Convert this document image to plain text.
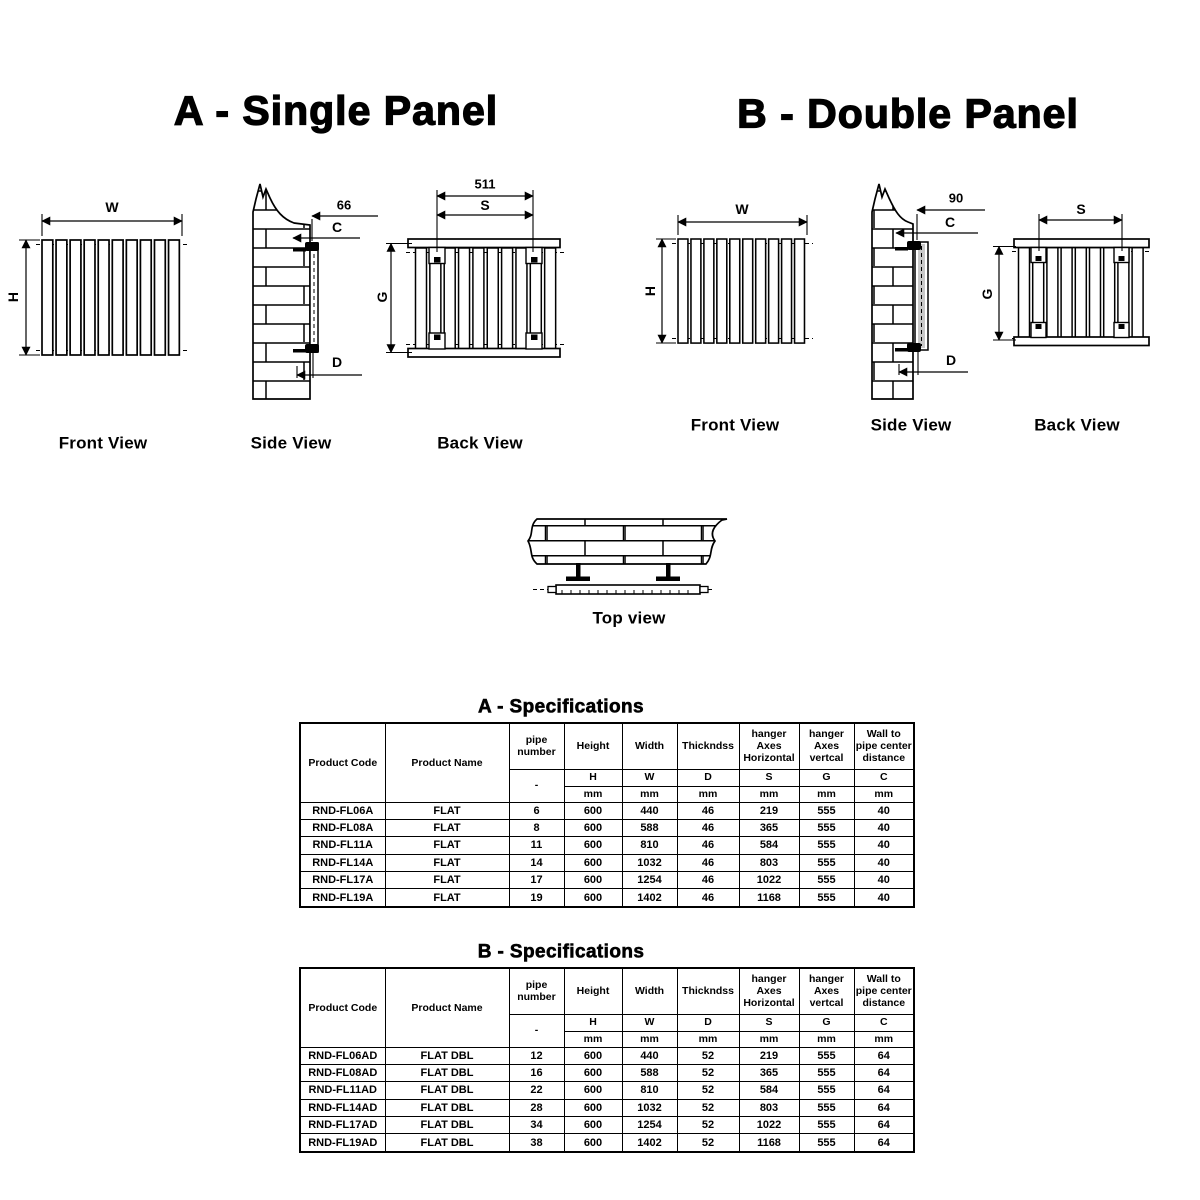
A - Single Panel	B - Double Panel
Front View	Side View	Back View
Front View	Side View	Back View
Top view
W
H
66
C
D
511
S
G
W
H
90
C
D
S
G
A - Specifications
Product Code	Product Name	pipe number	Height	Width	Thickndss	hanger Axes Horizontal	hanger Axes vertcal	Wall to pipe center distance
		-	H	W	D	S	G	C
			mm	mm	mm	mm	mm	mm
RND-FL06A	FLAT	6	600	440	46	219	555	40
RND-FL08A	FLAT	8	600	588	46	365	555	40
RND-FL11A	FLAT	11	600	810	46	584	555	40
RND-FL14A	FLAT	14	600	1032	46	803	555	40
RND-FL17A	FLAT	17	600	1254	46	1022	555	40
RND-FL19A	FLAT	19	600	1402	46	1168	555	40
B - Specifications
Product Code	Product Name	pipe number	Height	Width	Thickndss	hanger Axes Horizontal	hanger Axes vertcal	Wall to pipe center distance
		-	H	W	D	S	G	C
			mm	mm	mm	mm	mm	mm
RND-FL06AD	FLAT DBL	12	600	440	52	219	555	64
RND-FL08AD	FLAT DBL	16	600	588	52	365	555	64
RND-FL11AD	FLAT DBL	22	600	810	52	584	555	64
RND-FL14AD	FLAT DBL	28	600	1032	52	803	555	64
RND-FL17AD	FLAT DBL	34	600	1254	52	1022	555	64
RND-FL19AD	FLAT DBL	38	600	1402	52	1168	555	64
